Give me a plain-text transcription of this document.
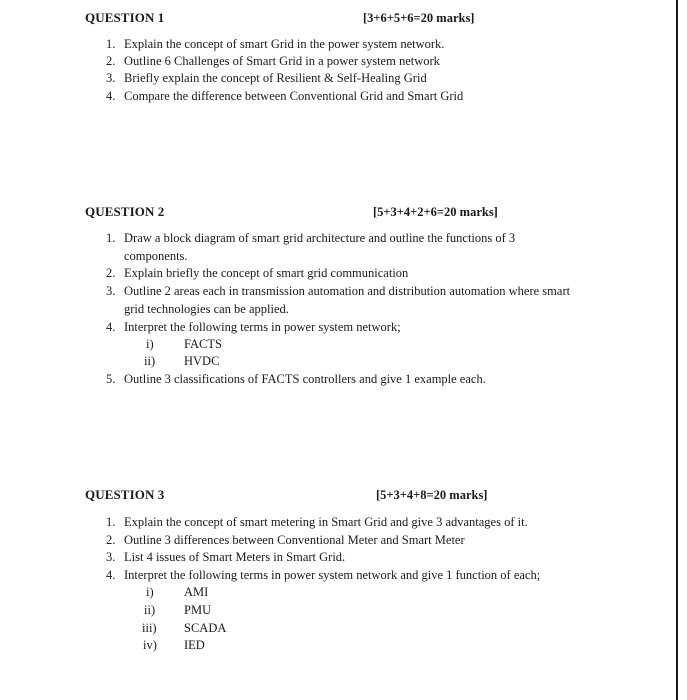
QUESTION 1	[3+6+5+6=20 marks]
1. Explain the concept of smart Grid in the power system network.
2. Outline 6 Challenges of Smart Grid in a power system network
3. Briefly explain the concept of Resilient & Self-Healing Grid
4. Compare the difference between Conventional Grid and Smart Grid
QUESTION 2	[5+3+4+2+6=20 marks]
1. Draw a block diagram of smart grid architecture and outline the functions of 3
components.
2. Explain briefly the concept of smart grid communication
3. Outline 2 areas each in transmission automation and distribution automation where smart
grid technologies can be applied.
4. Interpret the following terms in power system network;
i) FACTS
ii) HVDC
5. Outline 3 classifications of FACTS controllers and give 1 example each.
QUESTION 3	[5+3+4+8=20 marks]
1. Explain the concept of smart metering in Smart Grid and give 3 advantages of it.
2. Outline 3 differences between Conventional Meter and Smart Meter
3. List 4 issues of Smart Meters in Smart Grid.
4. Interpret the following terms in power system network and give 1 function of each;
i) AMI
ii) PMU
iii) SCADA
iv) IED
